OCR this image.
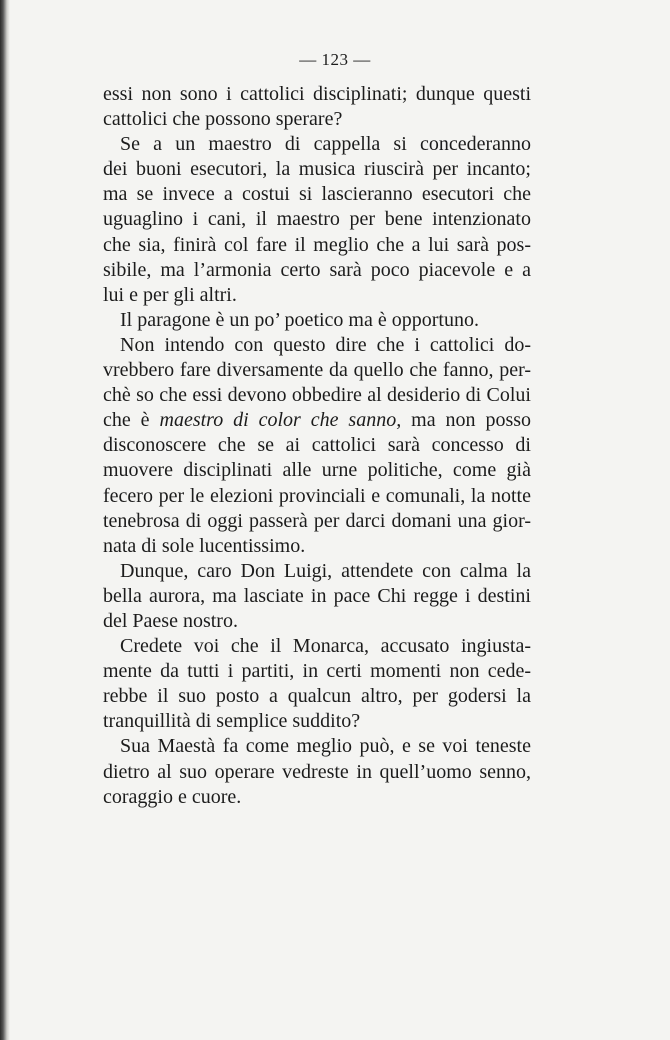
— 123 —
essi non sono i cattolici disciplinati; dunque questi
cattolici che possono sperare?
Se a un maestro di cappella si concederanno
dei buoni esecutori, la musica riuscirà per incanto;
ma se invece a costui si lascieranno esecutori che
uguaglino i cani, il maestro per bene intenzionato
che sia, finirà col fare il meglio che a lui sarà pos-
sibile, ma l’armonia certo sarà poco piacevole e a
lui e per gli altri.
Il paragone è un po’ poetico ma è opportuno.
Non intendo con questo dire che i cattolici do-
vrebbero fare diversamente da quello che fanno, per-
chè so che essi devono obbedire al desiderio di Colui
che è maestro di color che sanno, ma non posso
disconoscere che se ai cattolici sarà concesso di
muovere disciplinati alle urne politiche, come già
fecero per le elezioni provinciali e comunali, la notte
tenebrosa di oggi passerà per darci domani una gior-
nata di sole lucentissimo.
Dunque, caro Don Luigi, attendete con calma la
bella aurora, ma lasciate in pace Chi regge i destini
del Paese nostro.
Credete voi che il Monarca, accusato ingiusta-
mente da tutti i partiti, in certi momenti non cede-
rebbe il suo posto a qualcun altro, per godersi la
tranquillità di semplice suddito?
Sua Maestà fa come meglio può, e se voi teneste
dietro al suo operare vedreste in quell’uomo senno,
coraggio e cuore.
